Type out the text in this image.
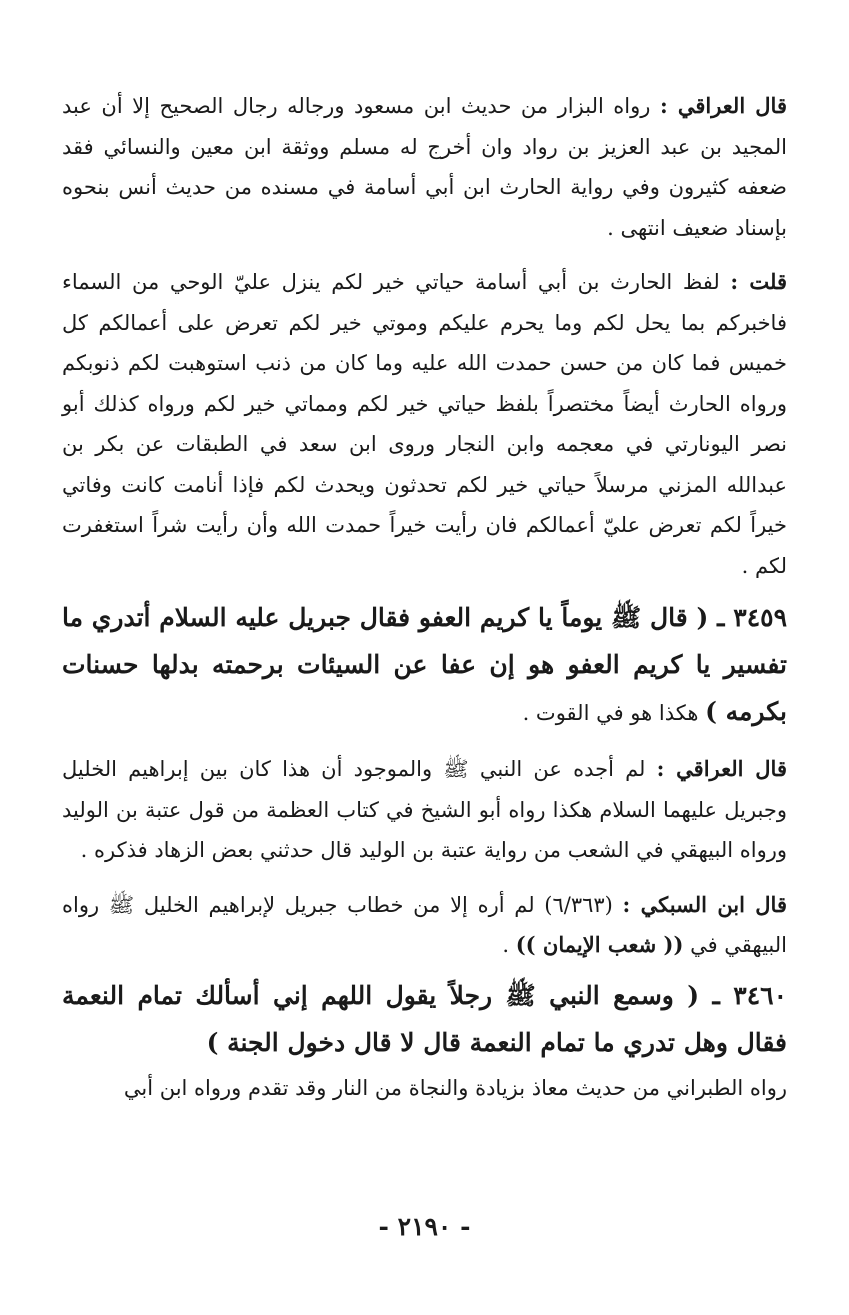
قال العراقي : رواه البزار من حديث ابن مسعود ورجاله رجال الصحيح إلا أن عبد المجيد بن عبد العزيز بن رواد وان أخرج له مسلم ووثقة ابن معين والنسائي فقد ضعفه كثيرون وفي رواية الحارث ابن أبي أسامة في مسنده من حديث أنس بنحوه بإسناد ضعيف انتهى .

قلت : لفظ الحارث بن أبي أسامة حياتي خير لكم ينزل عليّ الوحي من السماء فاخبركم بما يحل لكم وما يحرم عليكم وموتي خير لكم تعرض على أعمالكم كل خميس فما كان من حسن حمدت الله عليه وما كان من ذنب استوهبت لكم ذنوبكم ورواه الحارث أيضاً مختصراً بلفظ حياتي خير لكم ومماتي خير لكم ورواه كذلك أبو نصر اليونارتي في معجمه وابن النجار وروى ابن سعد في الطبقات عن بكر بن عبدالله المزني مرسلاً حياتي خير لكم تحدثون ويحدث لكم فإذا أنامت كانت وفاتي خيراً لكم تعرض عليّ أعمالكم فان رأيت خيراً حمدت الله وأن رأيت شراً استغفرت لكم .

٣٤٥٩ ـ ( قال ﷺ يوماً يا كريم العفو فقال جبريل عليه السلام أتدري ما تفسير يا كريم العفو هو إن عفا عن السيئات برحمته بدلها حسنات بكرمه ) هكذا هو في القوت .

قال العراقي : لم أجده عن النبي ﷺ والموجود أن هذا كان بين إبراهيم الخليل وجبريل عليهما السلام هكذا رواه أبو الشيخ في كتاب العظمة من قول عتبة بن الوليد ورواه البيهقي في الشعب من رواية عتبة بن الوليد قال حدثني بعض الزهاد فذكره .

قال ابن السبكي : (٦/٣٦٣) لم أره إلا من خطاب جبريل لإبراهيم الخليل ﷺ رواه البيهقي في (( شعب الإيمان )) .

٣٤٦٠ ـ ( وسمع النبي ﷺ رجلاً يقول اللهم إني أسألك تمام النعمة فقال وهل تدري ما تمام النعمة قال لا قال دخول الجنة )

رواه الطبراني من حديث معاذ بزيادة والنجاة من النار وقد تقدم ورواه ابن أبي

- ٢١٩٠ -
